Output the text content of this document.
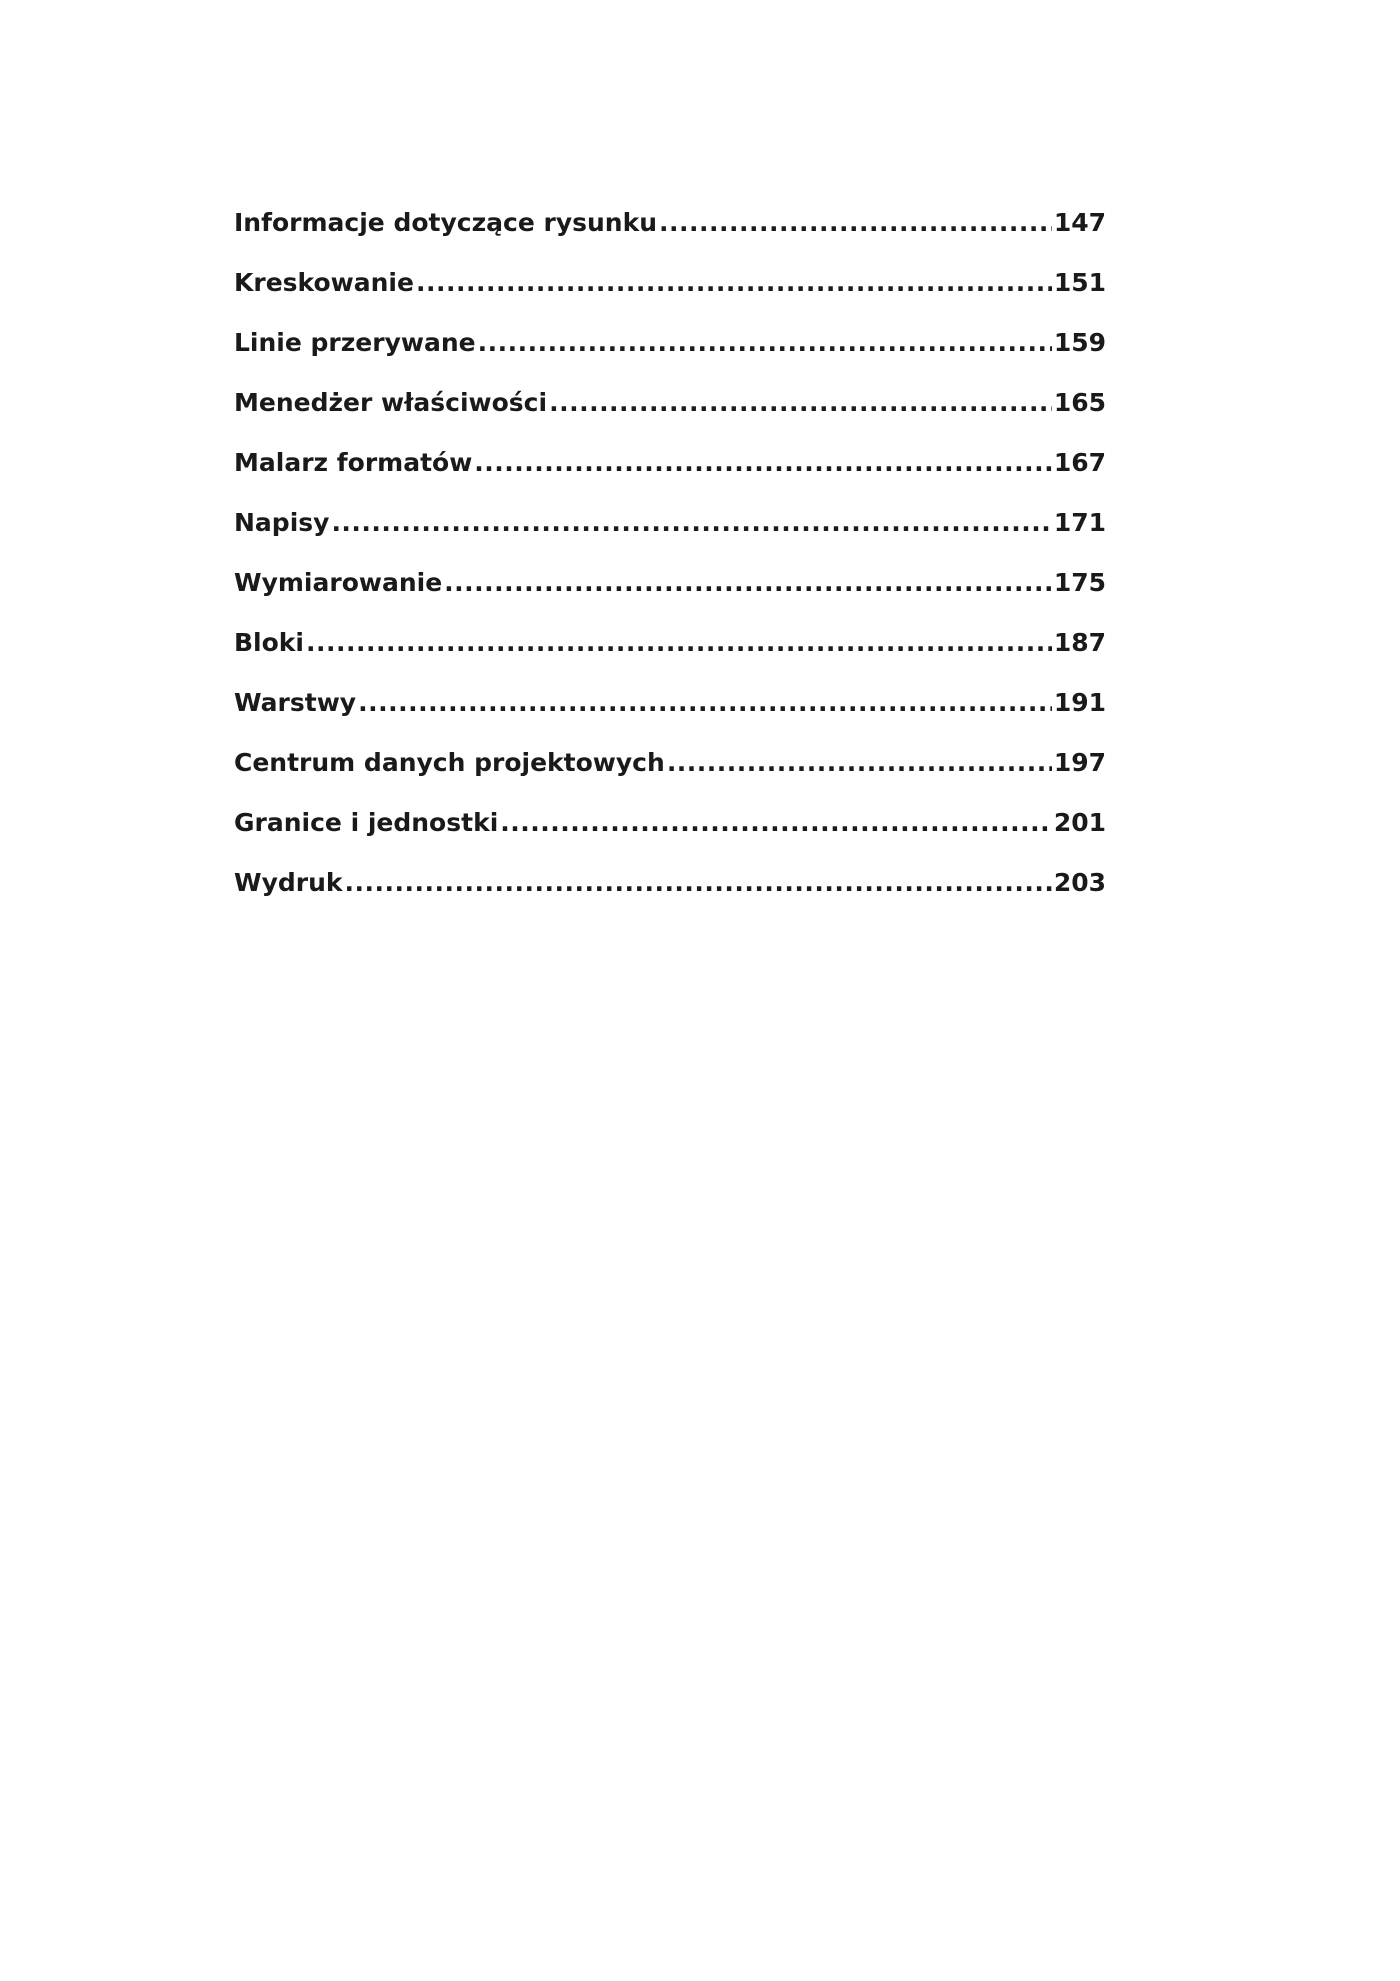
Informacje dotyczące rysunku .....	147
Kreskowanie .....	151
Linie przerywane .....	159
Menedżer właściwości .....	165
Malarz formatów .....	167
Napisy .....	171
Wymiarowanie .....	175
Bloki .....	187
Warstwy .....	191
Centrum danych projektowych .....	197
Granice i jednostki .....	201
Wydruk .....	203
